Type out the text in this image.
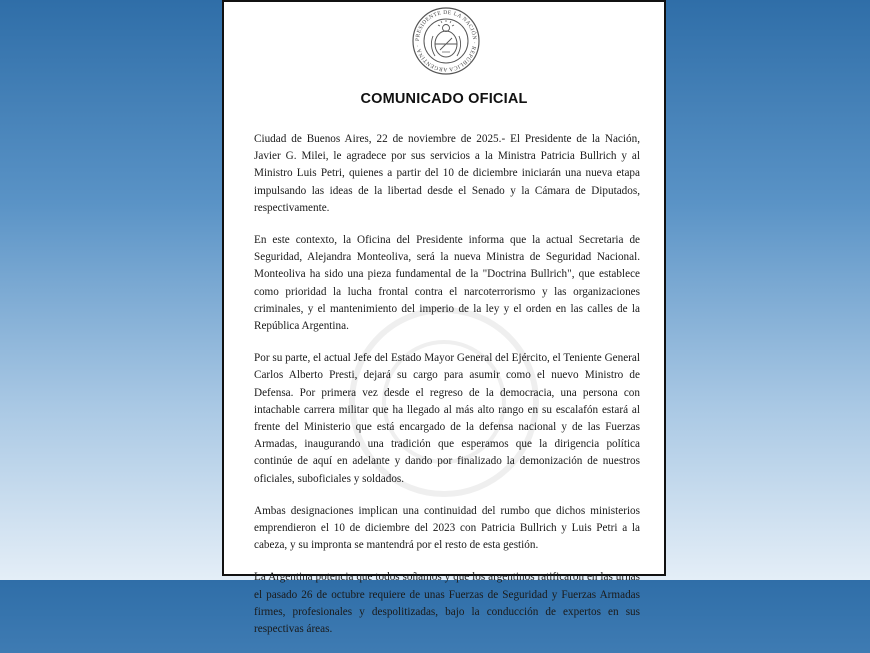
PRESIDENTE DE LA NACIÓN · REPÚBLICA ARGENTINA ·
COMUNICADO OFICIAL

Ciudad de Buenos Aires, 22 de noviembre de 2025.- El Presidente de la Nación, Javier G. Milei, le agradece por sus servicios a la Ministra Patricia Bullrich y al Ministro Luis Petri, quienes a partir del 10 de diciembre iniciarán una nueva etapa impulsando las ideas de la libertad desde el Senado y la Cámara de Diputados, respectivamente.

En este contexto, la Oficina del Presidente informa que la actual Secretaria de Seguridad, Alejandra Monteoliva, será la nueva Ministra de Seguridad Nacional. Monteoliva ha sido una pieza fundamental de la "Doctrina Bullrich", que establece como prioridad la lucha frontal contra el narcoterrorismo y las organizaciones criminales, y el mantenimiento del imperio de la ley y el orden en las calles de la República Argentina.

Por su parte, el actual Jefe del Estado Mayor General del Ejército, el Teniente General Carlos Alberto Presti, dejará su cargo para asumir como el nuevo Ministro de Defensa. Por primera vez desde el regreso de la democracia, una persona con intachable carrera militar que ha llegado al más alto rango en su escalafón estará al frente del Ministerio que está encargado de la defensa nacional y de las Fuerzas Armadas, inaugurando una tradición que esperamos que la dirigencia política continúe de aquí en adelante y dando por finalizado la demonización de nuestros oficiales, suboficiales y soldados.

Ambas designaciones implican una continuidad del rumbo que dichos ministerios emprendieron el 10 de diciembre del 2023 con Patricia Bullrich y Luis Petri a la cabeza, y su impronta se mantendrá por el resto de esta gestión.

La Argentina potencia que todos soñamos y que los argentinos ratificaron en las urnas el pasado 26 de octubre requiere de unas Fuerzas de Seguridad y Fuerzas Armadas firmes, profesionales y despolitizadas, bajo la conducción de expertos en sus respectivas áreas.
